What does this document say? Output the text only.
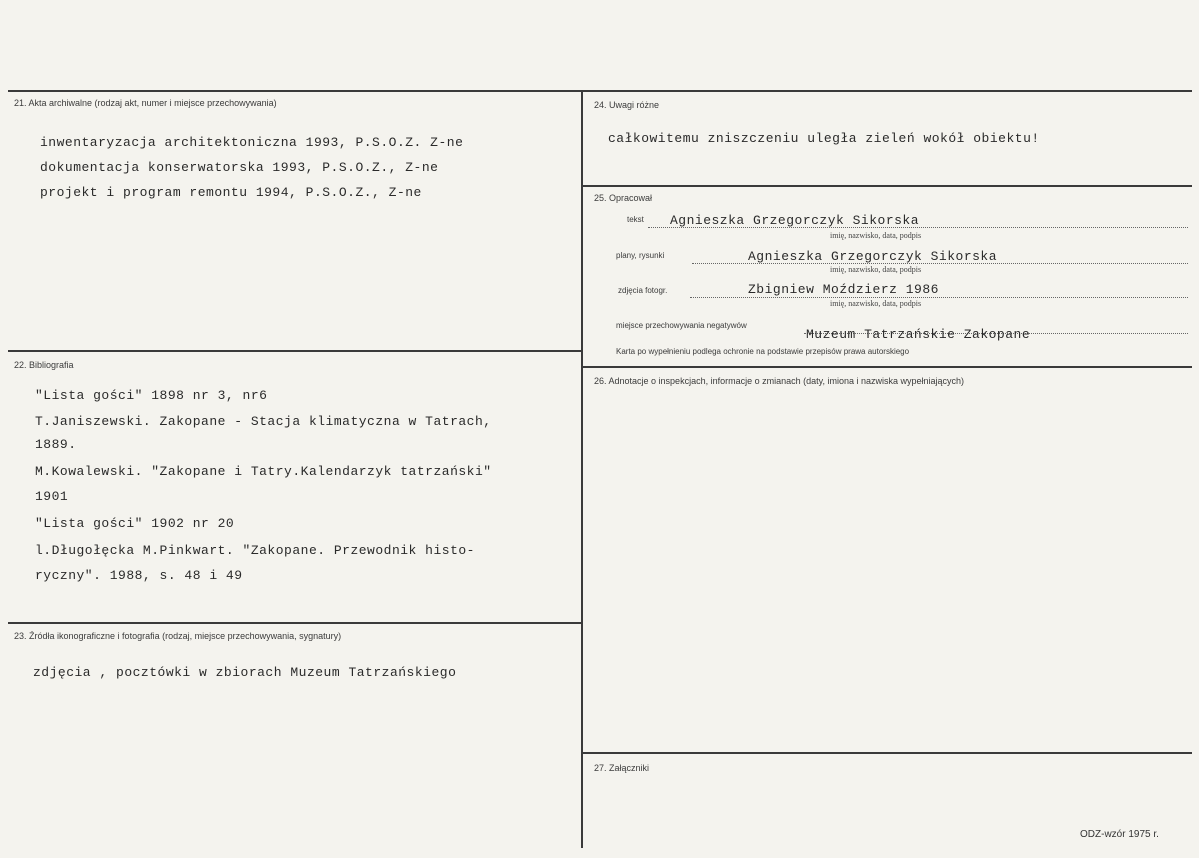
21. Akta archiwalne (rodzaj akt, numer i miejsce przechowywania)
inwentaryzacja architektoniczna 1993, P.S.O.Z. Z-ne
dokumentacja konserwatorska 1993, P.S.O.Z., Z-ne
projekt i program remontu 1994, P.S.O.Z., Z-ne
22. Bibliografia
"Lista gości" 1898 nr 3, nr6
T.Janiszewski. Zakopane - Stacja klimatyczna w Tatrach,
1889.
M.Kowalewski. "Zakopane i Tatry.Kalendarzyk tatrzański"
1901
"Lista gości" 1902 nr 20
l.Długołęcka M.Pinkwart. "Zakopane. Przewodnik histo-
ryczny". 1988, s. 48 i 49
23. Źródła ikonograficzne i fotografia (rodzaj, miejsce przechowywania, sygnatury)
zdjęcia , pocztówki w zbiorach Muzeum Tatrzańskiego
24. Uwagi różne
całkowitemu zniszczeniu uległa zieleń wokół obiektu!
25. Opracował
tekst Agnieszka Grzegorczyk Sikorska
imię, nazwisko, data, podpis
plany, rysunki	Agnieszka Grzegorczyk Sikorska
imię, nazwisko, data, podpis
zdjęcia fotogr.	Zbigniew Moździerz 1986
imię, nazwisko, data, podpis
miejsce przechowywania negatywów
Muzeum Tatrzańskie Zakopane
Karta po wypełnieniu podlega ochronie na podstawie przepisów prawa autorskiego
26. Adnotacje o inspekcjach, informacje o zmianach (daty, imiona i nazwiska wypełniających)
27. Załączniki
ODZ-wzór 1975 r.
